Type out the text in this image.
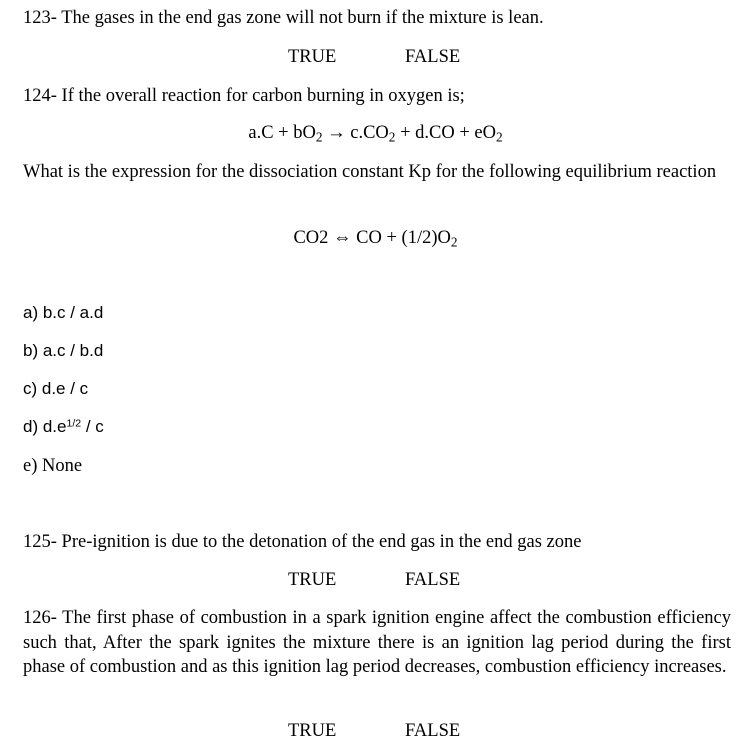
123- The gases in the end gas zone will not burn if the mixture is lean.
TRUE	FALSE
124- If the overall reaction for carbon burning in oxygen is;
$a.C + bO_2 \to c.CO_2 + d.CO + eO_2$
What is the expression for the dissociation constant Kp for the following equilibrium reaction
CO2 ⇔ CO + $(1/2)O_2$
a) b.c / a.d
b) a.c / b.d
c) d.e / c
d) $d.e^{1/2}$ / c
e) None
125- Pre-ignition is due to the detonation of the end gas in the end gas zone
TRUE	FALSE
126- The first phase of combustion in a spark ignition engine affect the combustion efficiency such that, After the spark ignites the mixture there is an ignition lag period during the first phase of combustion and as this ignition lag period decreases, combustion efficiency increases.
TRUE	FALSE
